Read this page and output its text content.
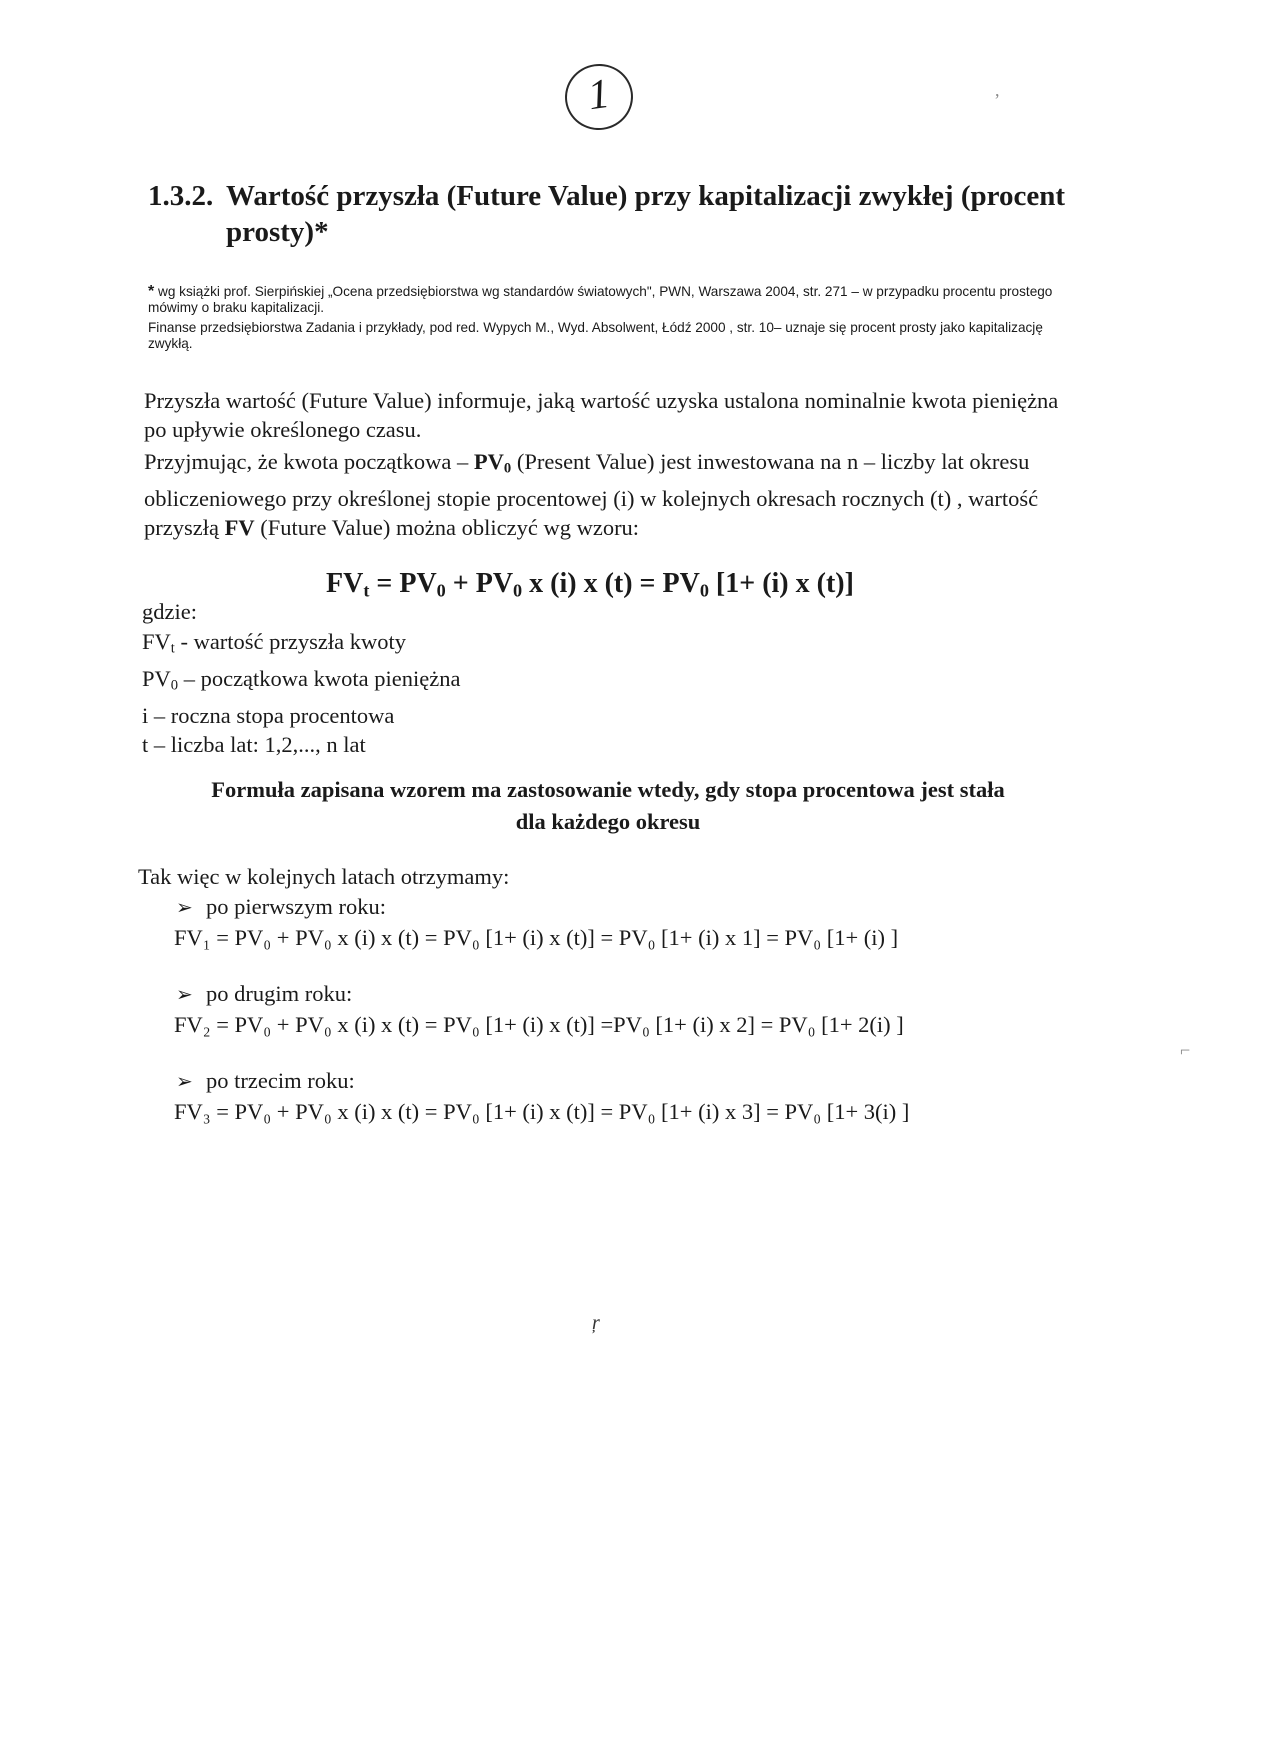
1
1.3.2. Wartość przyszła (Future Value) przy kapitalizacji zwykłej (procent
prosty)*

* wg książki prof. Sierpińskiej „Ocena przedsiębiorstwa wg standardów światowych", PWN, Warszawa 2004, str. 271 – w przypadku procentu prostego mówimy o braku kapitalizacji.

Finanse przedsiębiorstwa Zadania i przykłady, pod red. Wypych M., Wyd. Absolwent, Łódź 2000 , str. 10– uznaje się procent prosty jako kapitalizację zwykłą.

Przyszła wartość (Future Value) informuje, jaką wartość uzyska ustalona nominalnie kwota pieniężna po upływie określonego czasu.

Przyjmując, że kwota początkowa – $PV_0$ (Present Value) jest inwestowana na n – liczby lat okresu obliczeniowego przy określonej stopie procentowej (i) w kolejnych okresach rocznych (t) , wartość przyszłą FV (Future Value) można obliczyć wg wzoru:

$FV_t = PV_0 + PV_0$ x (i) x $(t) = PV_0$ [1+ (i) x (t)]

gdzie:

$FV_t$ - wartość przyszła kwoty

$PV_0$ – początkowa kwota pieniężna

i – roczna stopa procentowa

t – liczba lat: 1,2,..., n lat

Formuła zapisana wzorem ma zastosowanie wtedy, gdy stopa procentowa jest stała

dla każdego okresu

Tak więc w kolejnych latach otrzymamy:

➢ po pierwszym roku:

FV₁ = PV₀ + PV₀ x (i) x (t) = PV₀ [1+ (i) x (t)] = PV₀ [1+ (i) x 1] = PV₀ [1+ (i) ]

➢ po drugim roku:

FV₂ = PV₀ + PV₀ x (i) x (t) = PV₀ [1+ (i) x (t)] =PV₀ [1+ (i) x 2] = PV₀ [1+ 2(i) ]

➢ po trzecim roku:

FV₃ = PV₀ + PV₀ x (i) x (t) = PV₀ [1+ (i) x (t)] = PV₀ [1+ (i) x 3] = PV₀ [1+ 3(i) ]

ŗ
,
⌐
